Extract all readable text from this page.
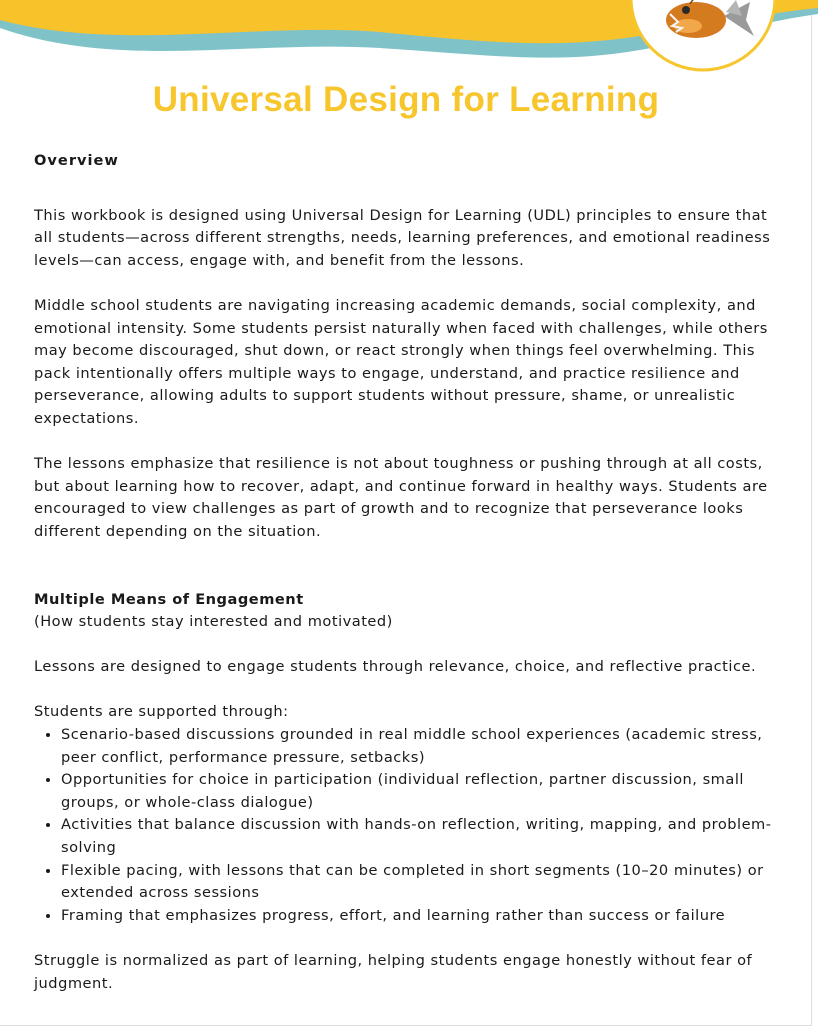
Universal Design for Learning

Overview

This workbook is designed using Universal Design for Learning (UDL) principles to ensure that all students—across different strengths, needs, learning preferences, and emotional readiness levels—can access, engage with, and benefit from the lessons.

Middle school students are navigating increasing academic demands, social complexity, and emotional intensity. Some students persist naturally when faced with challenges, while others may become discouraged, shut down, or react strongly when things feel overwhelming. This pack intentionally offers multiple ways to engage, understand, and practice resilience and perseverance, allowing adults to support students without pressure, shame, or unrealistic expectations.

The lessons emphasize that resilience is not about toughness or pushing through at all costs, but about learning how to recover, adapt, and continue forward in healthy ways. Students are encouraged to view challenges as part of growth and to recognize that perseverance looks different depending on the situation.

Multiple Means of Engagement

(How students stay interested and motivated)

Lessons are designed to engage students through relevance, choice, and reflective practice.

Students are supported through:

• Scenario-based discussions grounded in real middle school experiences (academic stress, peer conflict, performance pressure, setbacks)
• Opportunities for choice in participation (individual reflection, partner discussion, small groups, or whole-class dialogue)
• Activities that balance discussion with hands-on reflection, writing, mapping, and problem-solving
• Flexible pacing, with lessons that can be completed in short segments (10–20 minutes) or extended across sessions
• Framing that emphasizes progress, effort, and learning rather than success or failure

Struggle is normalized as part of learning, helping students engage honestly without fear of judgment.
